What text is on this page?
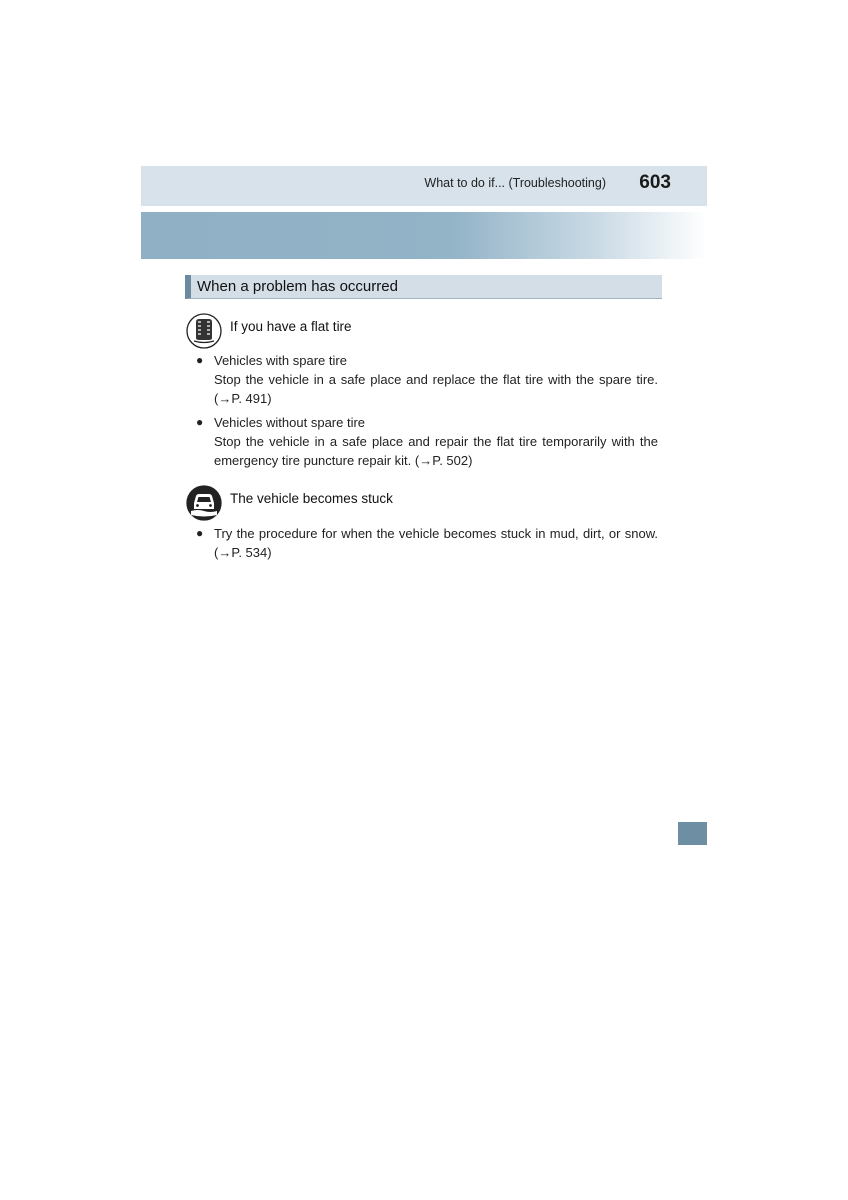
What to do if... (Troubleshooting) 603
When a problem has occurred
If you have a flat tire
● Vehicles with spare tire
Stop the vehicle in a safe place and replace the flat tire with the spare tire. (→P. 491)
● Vehicles without spare tire
Stop the vehicle in a safe place and repair the flat tire temporarily with the emergency tire puncture repair kit. (→P. 502)
The vehicle becomes stuck
● Try the procedure for when the vehicle becomes stuck in mud, dirt, or snow. (→P. 534)
